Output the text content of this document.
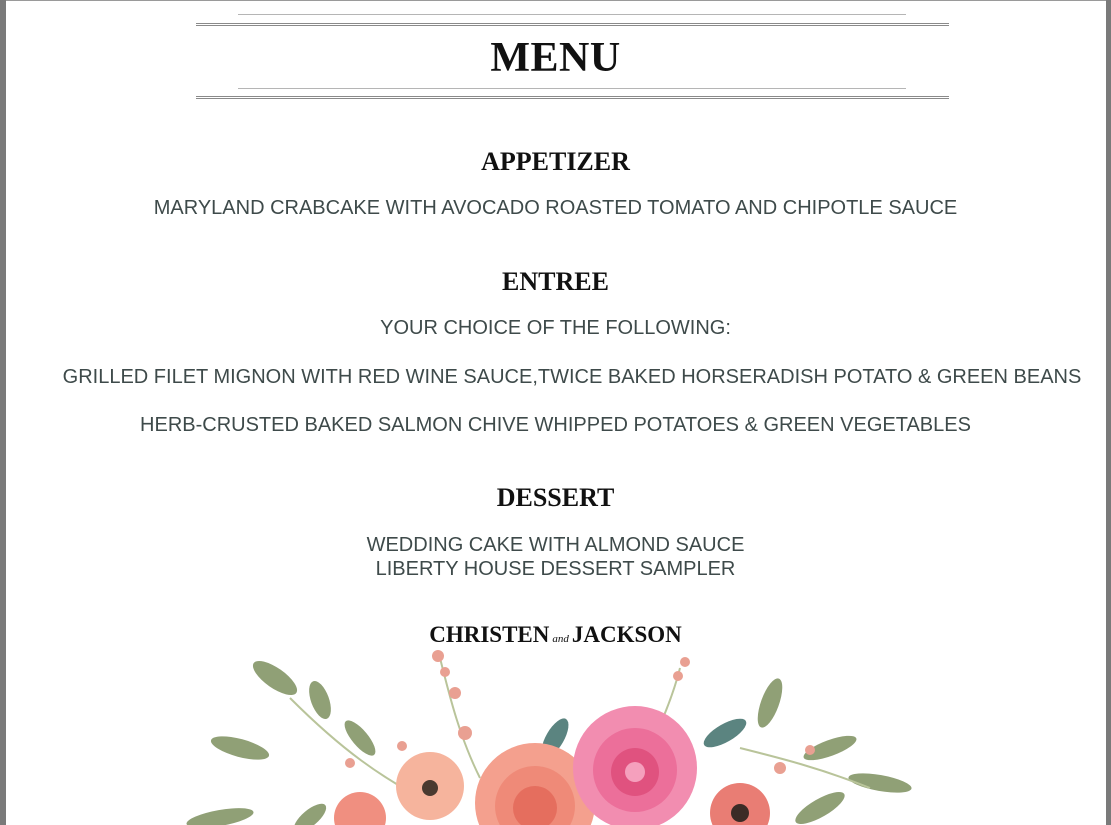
MENU
APPETIZER
MARYLAND CRABCAKE WITH AVOCADO ROASTED TOMATO AND CHIPOTLE SAUCE
ENTREE
YOUR CHOICE OF THE FOLLOWING:
GRILLED FILET MIGNON WITH RED WINE SAUCE,TWICE BAKED HORSERADISH POTATO & GREEN BEANS
HERB-CRUSTED BAKED SALMON CHIVE WHIPPED POTATOES & GREEN VEGETABLES
DESSERT
WEDDING CAKE WITH ALMOND SAUCE
LIBERTY HOUSE DESSERT SAMPLER
CHRISTEN and JACKSON
